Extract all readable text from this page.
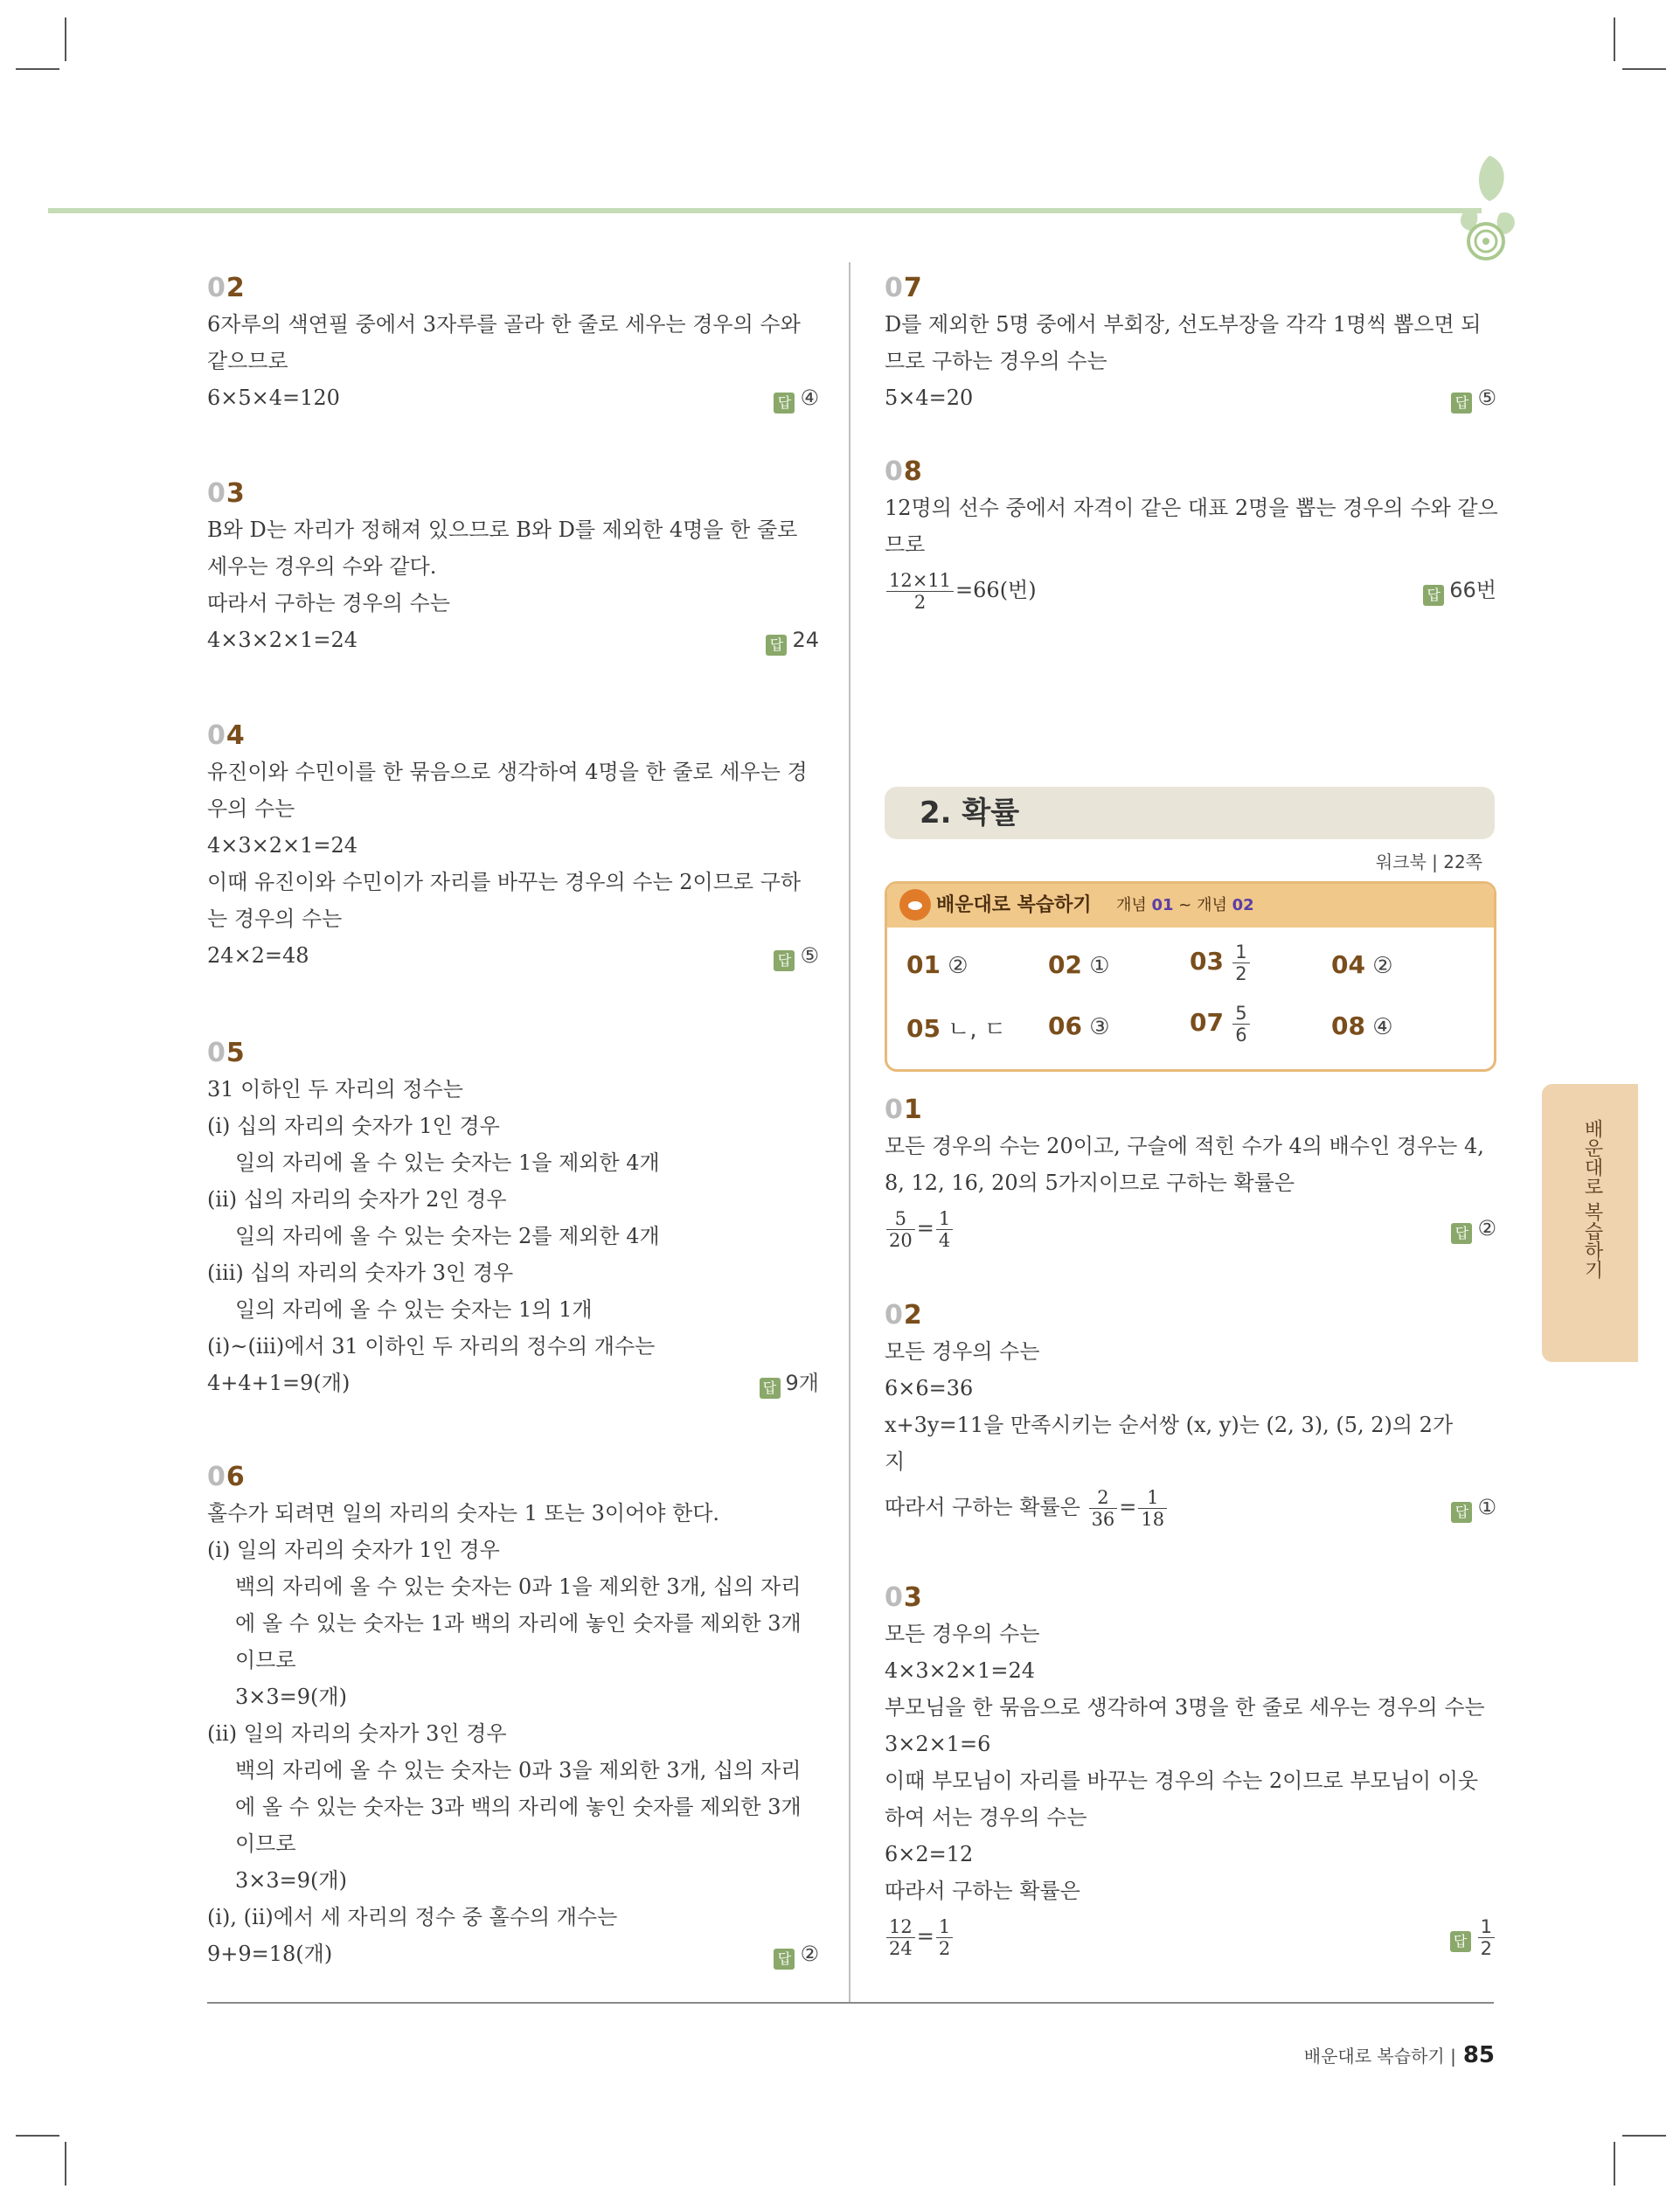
02
6자루의 색연필 중에서 3자루를 골라 한 줄로 세우는 경우의 수와
같으므로
6×5×4=120	답 ④
03
B와 D는 자리가 정해져 있으므로 B와 D를 제외한 4명을 한 줄로
세우는 경우의 수와 같다.
따라서 구하는 경우의 수는
4×3×2×1=24	답 24
04
유진이와 수민이를 한 묶음으로 생각하여 4명을 한 줄로 세우는 경
우의 수는
4×3×2×1=24
이때 유진이와 수민이가 자리를 바꾸는 경우의 수는 2이므로 구하
는 경우의 수는
24×2=48	답 ⑤
05
31 이하인 두 자리의 정수는
(ⅰ) 십의 자리의 숫자가 1인 경우
일의 자리에 올 수 있는 숫자는 1을 제외한 4개
(ⅱ) 십의 자리의 숫자가 2인 경우
일의 자리에 올 수 있는 숫자는 2를 제외한 4개
(ⅲ) 십의 자리의 숫자가 3인 경우
일의 자리에 올 수 있는 숫자는 1의 1개
(ⅰ)~(ⅲ)에서 31 이하인 두 자리의 정수의 개수는
4+4+1=9(개)	답 9개
06
홀수가 되려면 일의 자리의 숫자는 1 또는 3이어야 한다.
(ⅰ) 일의 자리의 숫자가 1인 경우
백의 자리에 올 수 있는 숫자는 0과 1을 제외한 3개, 십의 자리
에 올 수 있는 숫자는 1과 백의 자리에 놓인 숫자를 제외한 3개
이므로
3×3=9(개)
(ⅱ) 일의 자리의 숫자가 3인 경우
백의 자리에 올 수 있는 숫자는 0과 3을 제외한 3개, 십의 자리
에 올 수 있는 숫자는 3과 백의 자리에 놓인 숫자를 제외한 3개
이므로
3×3=9(개)
(ⅰ), (ⅱ)에서 세 자리의 정수 중 홀수의 개수는
9+9=18(개)	답 ②
07
D를 제외한 5명 중에서 부회장, 선도부장을 각각 1명씩 뽑으면 되
므로 구하는 경우의 수는
5×4=20	답 ⑤
08
12명의 선수 중에서 자격이 같은 대표 2명을 뽑는 경우의 수와 같으
므로
$\frac{12\times 11}{2} =66$(번)	답 66번
01
모든 경우의 수는 20이고, 구슬에 적힌 수가 4의 배수인 경우는 4,
8, 12, 16, 20의 5가지이므로 구하는 확률은
$\frac{5}{20} = \frac{1}{4}$	답 ②
02
모든 경우의 수는
6×6=36
x+3y=11을 만족시키는 순서쌍 (x, y)는 (2, 3), (5, 2)의 2가
지
따라서 구하는 확률은 $\frac{2}{36} = \frac{1}{18}$	답 ①
03
모든 경우의 수는
4×3×2×1=24
부모님을 한 묶음으로 생각하여 3명을 한 줄로 세우는 경우의 수는
3×2×1=6
이때 부모님이 자리를 바꾸는 경우의 수는 2이므로 부모님이 이웃
하여 서는 경우의 수는
6×2=12
따라서 구하는 확률은
$\frac{12}{24} = \frac{1}{2}$	답 $\frac{1}{2}$
2. 확률
워크북 | 22쪽
배운대로 복습하기 개념 01 ~ 개념 02
01 ②	02 ①	$03 \frac{1}{2}$	04 ②
05 ㄴ, ㄷ 06 ③	$07 \frac{5}{6}$	08 ④
배운대로 복습하기
배운대로 복습하기 | 85
